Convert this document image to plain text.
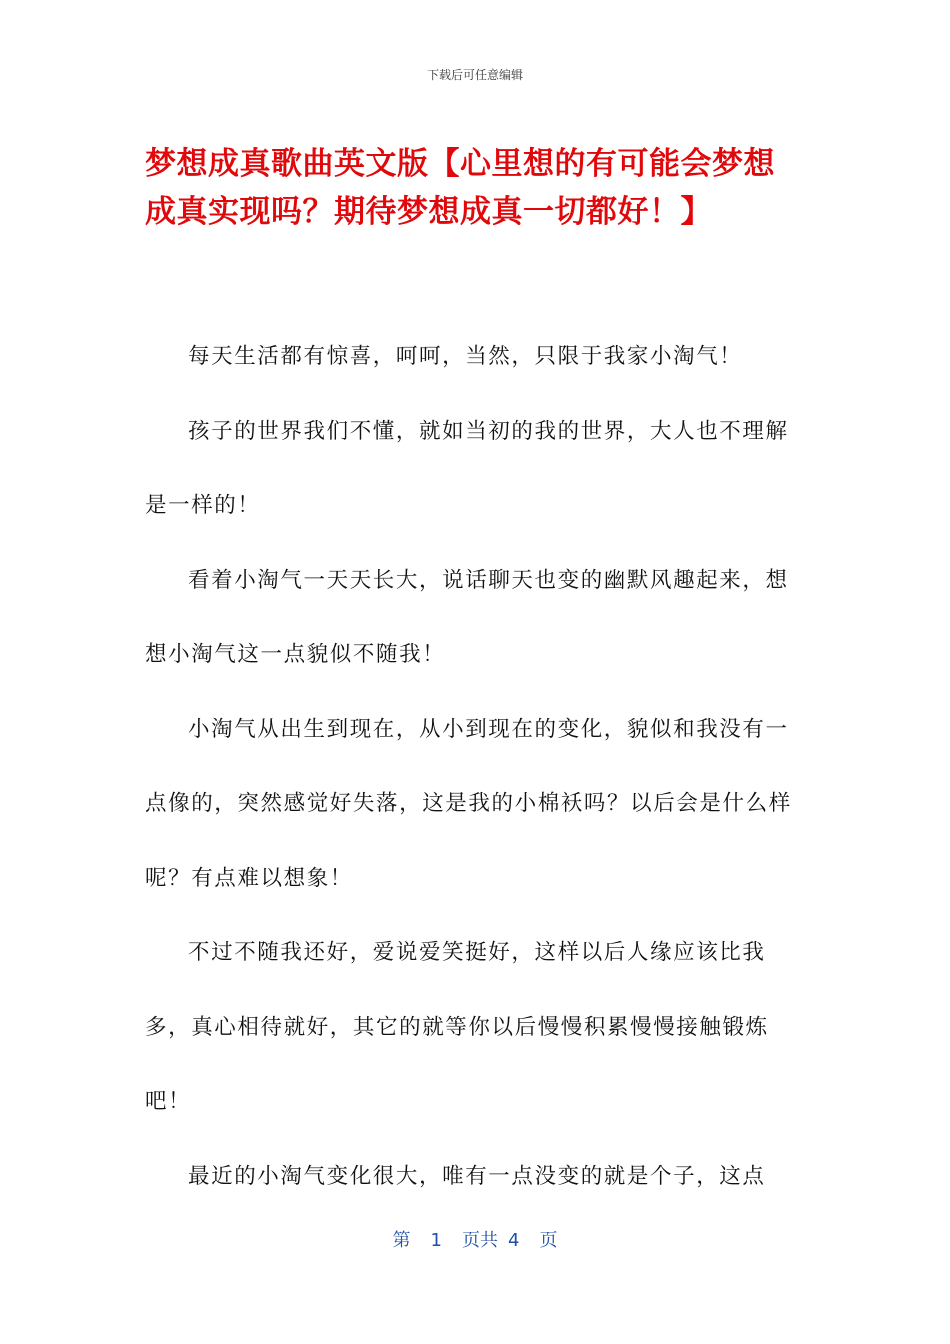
下载后可任意编辑
梦想成真歌曲英文版【心里想的有可能会梦想成真实现吗？期待梦想成真一切都好！】

每天生活都有惊喜，呵呵，当然，只限于我家小淘气！

孩子的世界我们不懂，就如当初的我的世界，大人也不理解是一样的！

看着小淘气一天天长大，说话聊天也变的幽默风趣起来，想想小淘气这一点貌似不随我！

小淘气从出生到现在，从小到现在的变化，貌似和我没有一点像的，突然感觉好失落，这是我的小棉袄吗？以后会是什么样呢？有点难以想象！

不过不随我还好，爱说爱笑挺好，这样以后人缘应该比我多，真心相待就好，其它的就等你以后慢慢积累慢慢接触锻炼吧！

最近的小淘气变化很大，唯有一点没变的就是个子，这点

第 1 页共 4 页
